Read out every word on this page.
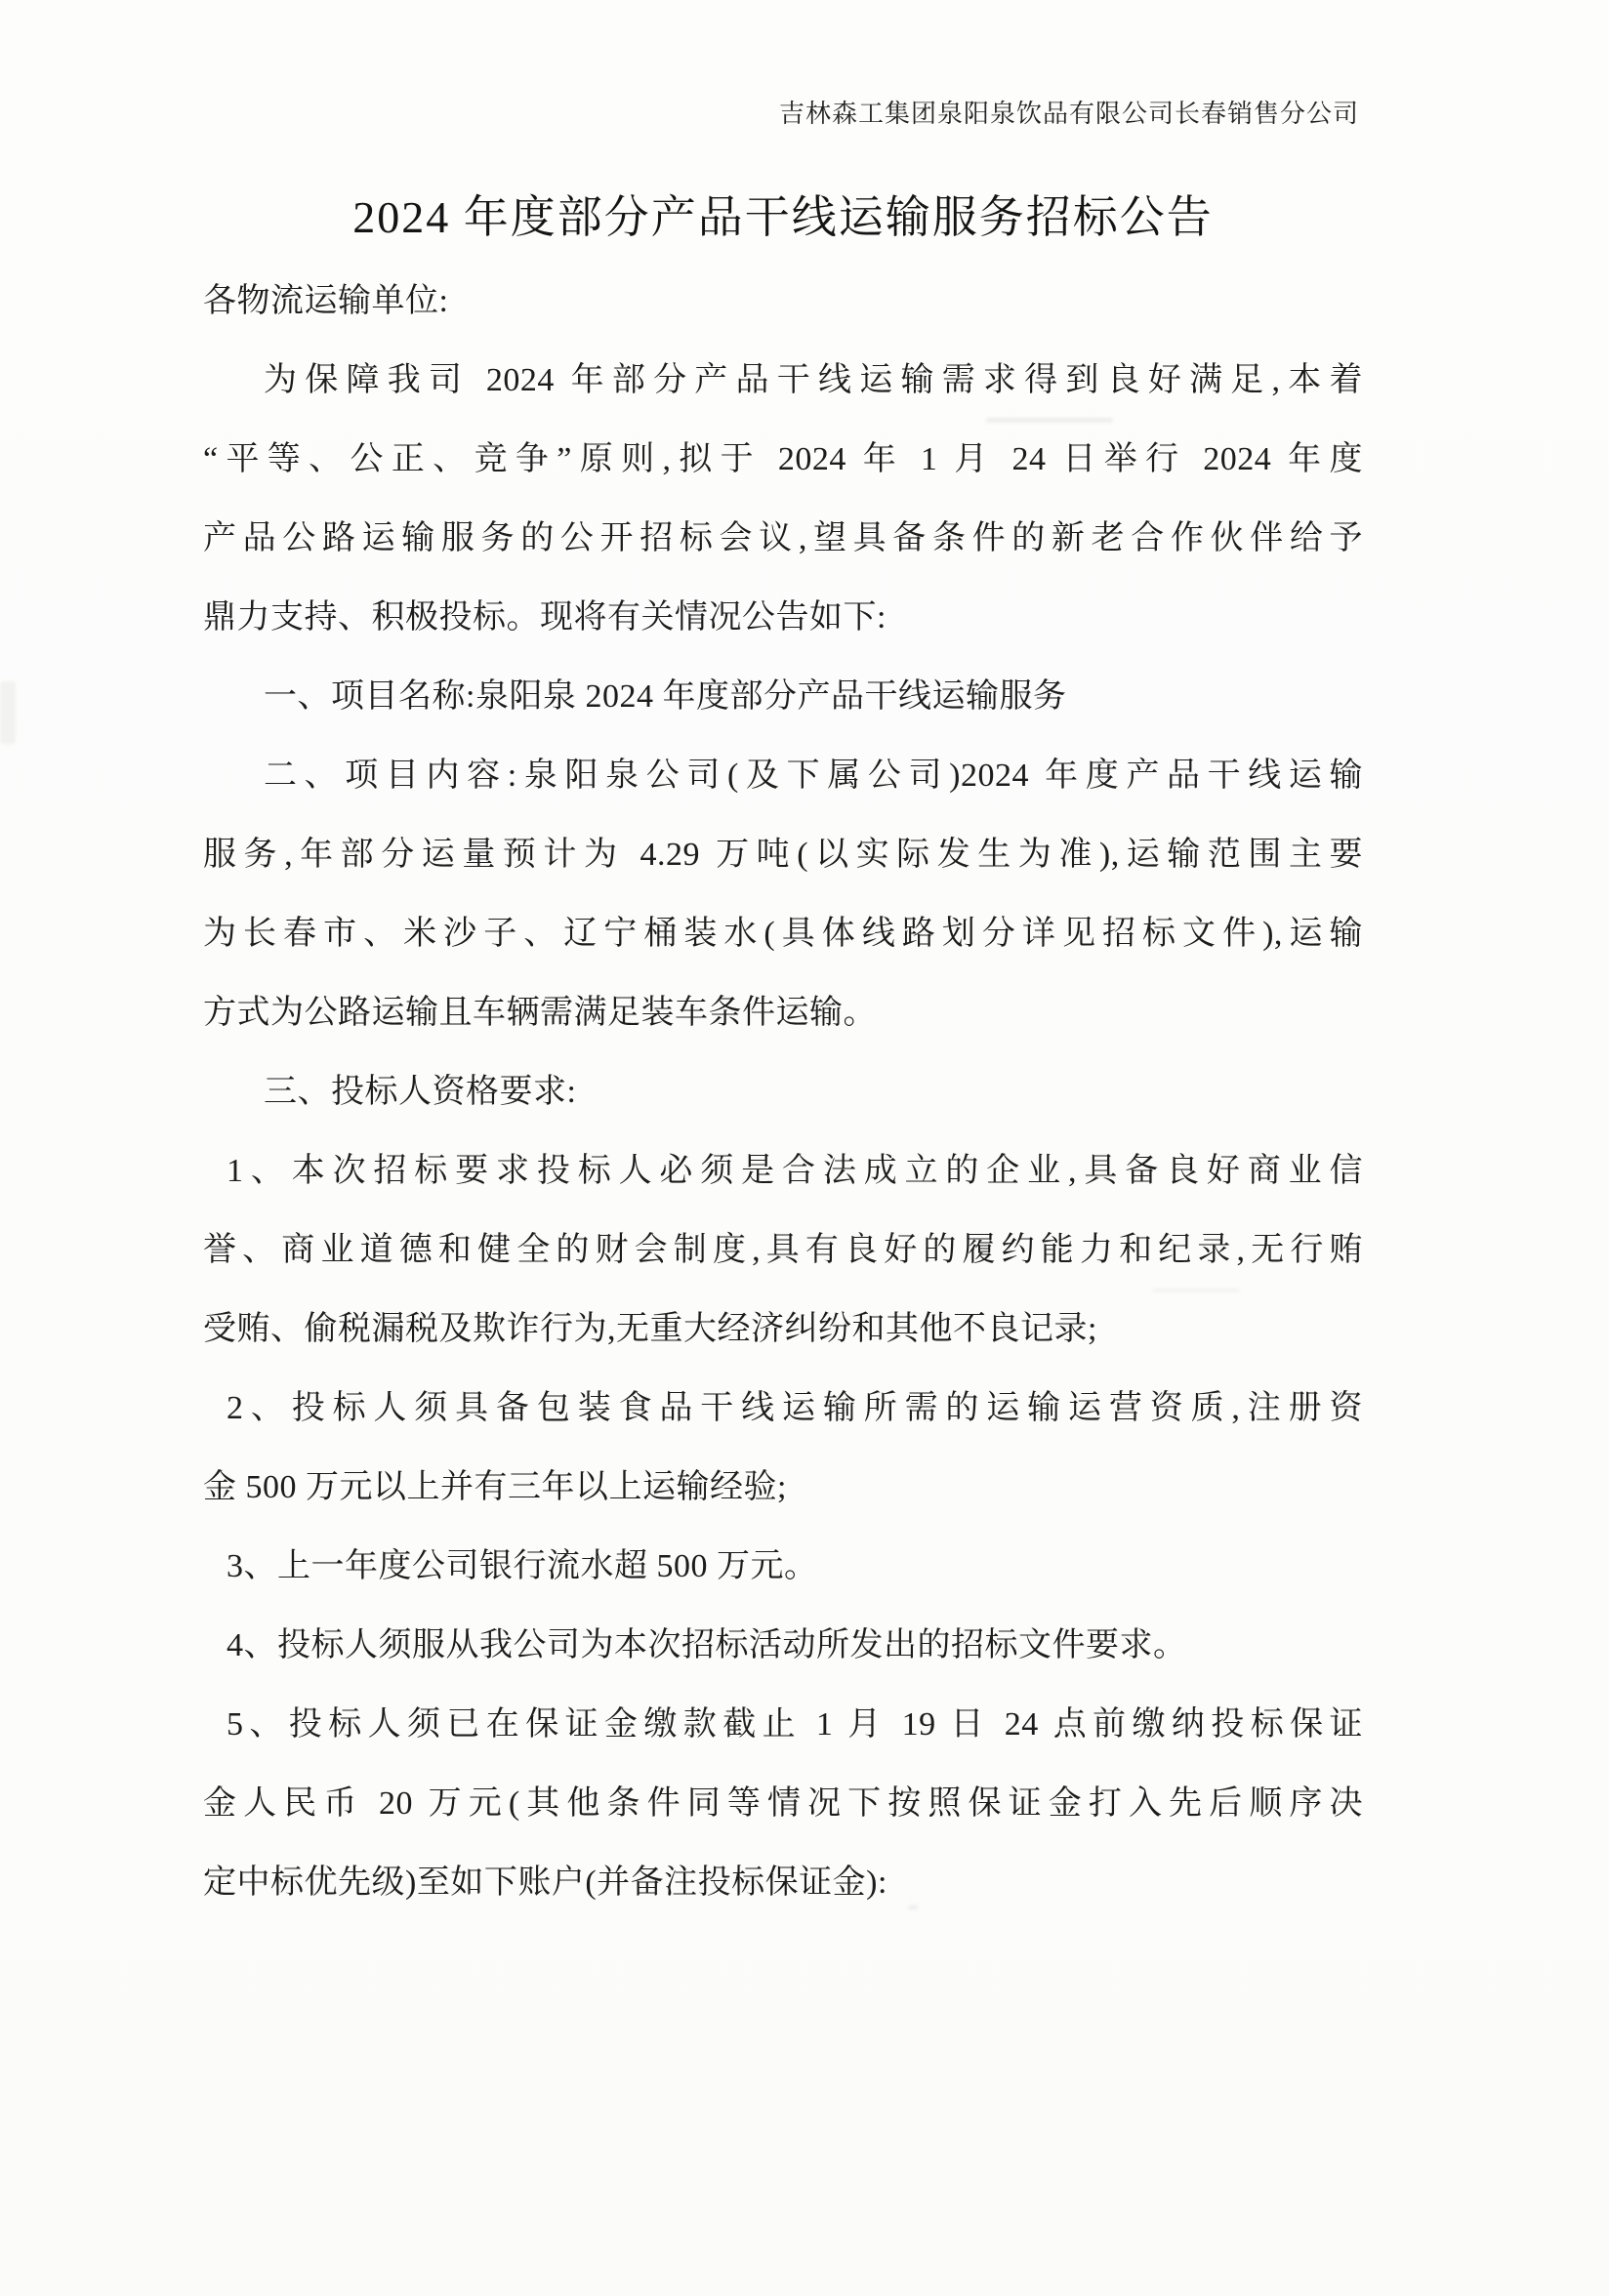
吉林森工集团泉阳泉饮品有限公司长春销售分公司
2024 年度部分产品干线运输服务招标公告
各物流运输单位:
为保障我司 2024 年部分产品干线运输需求得到良好满足,本着
“平等、公正、竞争”原则,拟于 2024 年 1 月 24 日举行 2024 年度
产品公路运输服务的公开招标会议,望具备条件的新老合作伙伴给予
鼎力支持、积极投标。现将有关情况公告如下:
一、项目名称:泉阳泉 2024 年度部分产品干线运输服务
二、项目内容:泉阳泉公司(及下属公司)2024 年度产品干线运输
服务,年部分运量预计为 4.29 万吨(以实际发生为准),运输范围主要
为长春市、米沙子、辽宁桶装水(具体线路划分详见招标文件),运输
方式为公路运输且车辆需满足装车条件运输。
三、投标人资格要求:
1、本次招标要求投标人必须是合法成立的企业,具备良好商业信
誉、商业道德和健全的财会制度,具有良好的履约能力和纪录,无行贿
受贿、偷税漏税及欺诈行为,无重大经济纠纷和其他不良记录;
2、投标人须具备包装食品干线运输所需的运输运营资质,注册资
金 500 万元以上并有三年以上运输经验;
3、上一年度公司银行流水超 500 万元。
4、投标人须服从我公司为本次招标活动所发出的招标文件要求。
5、投标人须已在保证金缴款截止 1 月 19 日 24 点前缴纳投标保证
金人民币 20 万元(其他条件同等情况下按照保证金打入先后顺序决
定中标优先级)至如下账户(并备注投标保证金):
